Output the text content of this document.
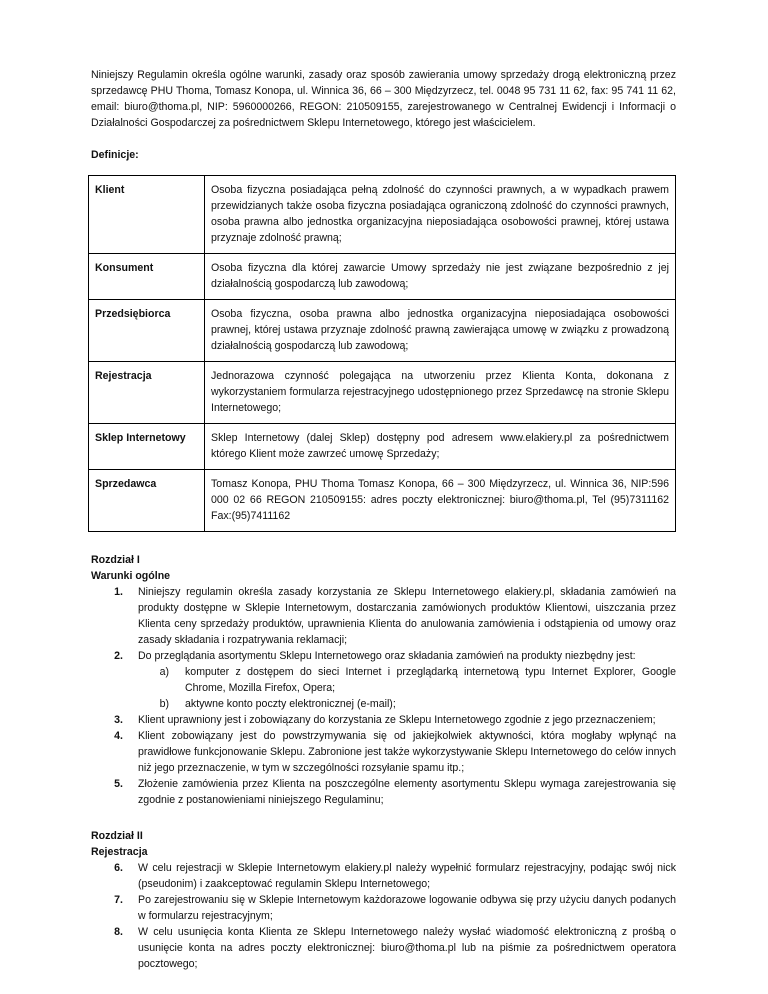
Niniejszy Regulamin określa ogólne warunki, zasady oraz sposób zawierania umowy sprzedaży drogą elektroniczną przez sprzedawcę PHU Thoma, Tomasz Konopa, ul. Winnica 36, 66 – 300 Międzyrzecz, tel. 0048 95 731 11 62, fax: 95 741 11 62, email: biuro@thoma.pl, NIP: 5960000266, REGON: 210509155, zarejestrowanego w Centralnej Ewidencji i Informacji o Działalności Gospodarczej za pośrednictwem Sklepu Internetowego, którego jest właścicielem.

Definicje:

Klient	Osoba fizyczna posiadająca pełną zdolność do czynności prawnych, a w wypadkach prawem przewidzianych także osoba fizyczna posiadająca ograniczoną zdolność do czynności prawnych, osoba prawna albo jednostka organizacyjna nieposiadająca osobowości prawnej, której ustawa przyznaje zdolność prawną;
Konsument	Osoba fizyczna dla której zawarcie Umowy sprzedaży nie jest związane bezpośrednio z jej działalnością gospodarczą lub zawodową;
Przedsiębiorca	Osoba fizyczna, osoba prawna albo jednostka organizacyjna nieposiadająca osobowości prawnej, której ustawa przyznaje zdolność prawną zawierająca umowę w związku z prowadzoną działalnością gospodarczą lub zawodową;
Rejestracja	Jednorazowa czynność polegająca na utworzeniu przez Klienta Konta, dokonana z wykorzystaniem formularza rejestracyjnego udostępnionego przez Sprzedawcę na stronie Sklepu Internetowego;
Sklep Internetowy	Sklep Internetowy (dalej Sklep) dostępny pod adresem www.elakiery.pl za pośrednictwem którego Klient może zawrzeć umowę Sprzedaży;
Sprzedawca	Tomasz Konopa, PHU Thoma Tomasz Konopa, 66 – 300 Międzyrzecz, ul. Winnica 36, NIP:596 000 02 66 REGON 210509155: adres poczty elektronicznej: biuro@thoma.pl, Tel (95)7311162 Fax:(95)7411162

Rozdział I

Warunki ogólne

1. Niniejszy regulamin określa zasady korzystania ze Sklepu Internetowego elakiery.pl, składania zamówień na produkty dostępne w Sklepie Internetowym, dostarczania zamówionych produktów Klientowi, uiszczania przez Klienta ceny sprzedaży produktów, uprawnienia Klienta do anulowania zamówienia i odstąpienia od umowy oraz zasady składania i rozpatrywania reklamacji;
2. Do przeglądania asortymentu Sklepu Internetowego oraz składania zamówień na produkty niezbędny jest:
a) komputer z dostępem do sieci Internet i przeglądarką internetową typu Internet Explorer, Google Chrome, Mozilla Firefox, Opera;
b) aktywne konto poczty elektronicznej (e-mail);
3. Klient uprawniony jest i zobowiązany do korzystania ze Sklepu Internetowego zgodnie z jego przeznaczeniem;
4. Klient zobowiązany jest do powstrzymywania się od jakiejkolwiek aktywności, która mogłaby wpłynąć na prawidłowe funkcjonowanie Sklepu. Zabronione jest także wykorzystywanie Sklepu Internetowego do celów innych niż jego przeznaczenie, w tym w szczególności rozsyłanie spamu itp.;
5. Złożenie zamówienia przez Klienta na poszczególne elementy asortymentu Sklepu wymaga zarejestrowania się zgodnie z postanowieniami niniejszego Regulaminu;

Rozdział II

Rejestracja

6. W celu rejestracji w Sklepie Internetowym elakiery.pl należy wypełnić formularz rejestracyjny, podając swój nick (pseudonim) i zaakceptować regulamin Sklepu Internetowego;
7. Po zarejestrowaniu się w Sklepie Internetowym każdorazowe logowanie odbywa się przy użyciu danych podanych w formularzu rejestracyjnym;
8. W celu usunięcia konta Klienta ze Sklepu Internetowego należy wysłać wiadomość elektroniczną z prośbą o usunięcie konta na adres poczty elektronicznej: biuro@thoma.pl lub na piśmie za pośrednictwem operatora pocztowego;
